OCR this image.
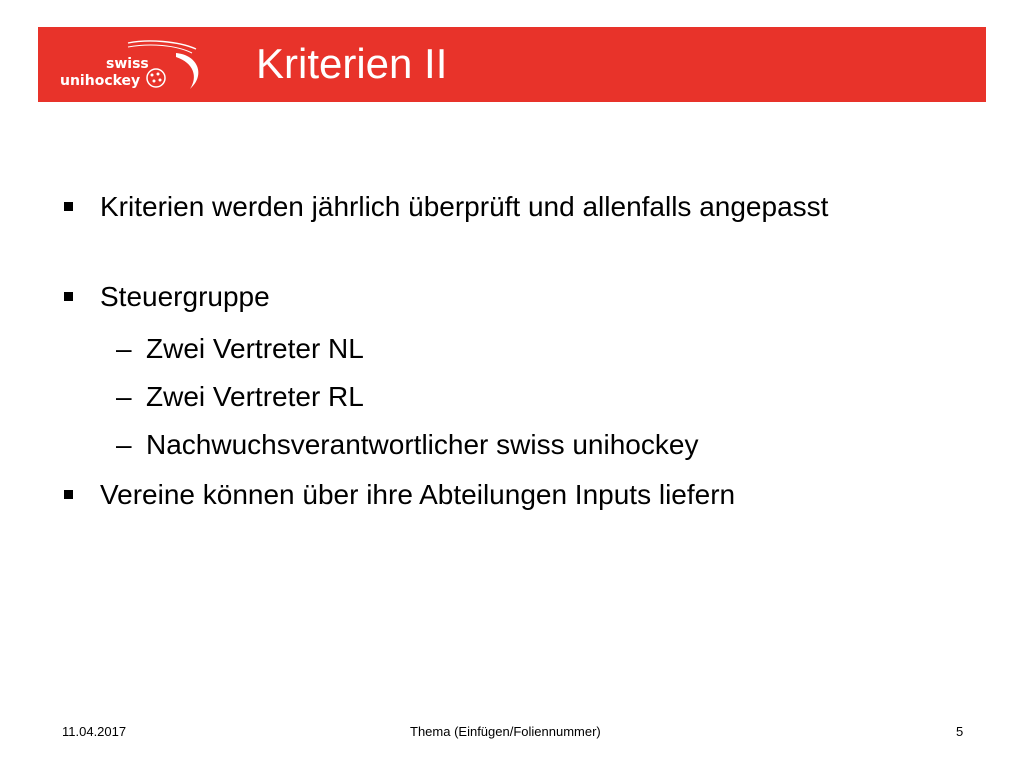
swiss
unihockey	Kriterien II
Kriterien werden jährlich überprüft und allenfalls angepasst
Steuergruppe
– Zwei Vertreter NL
– Zwei Vertreter RL
– Nachwuchsverantwortlicher swiss unihockey
Vereine können über ihre Abteilungen Inputs liefern
11.04.2017	Thema (Einfügen/Foliennummer)	5
